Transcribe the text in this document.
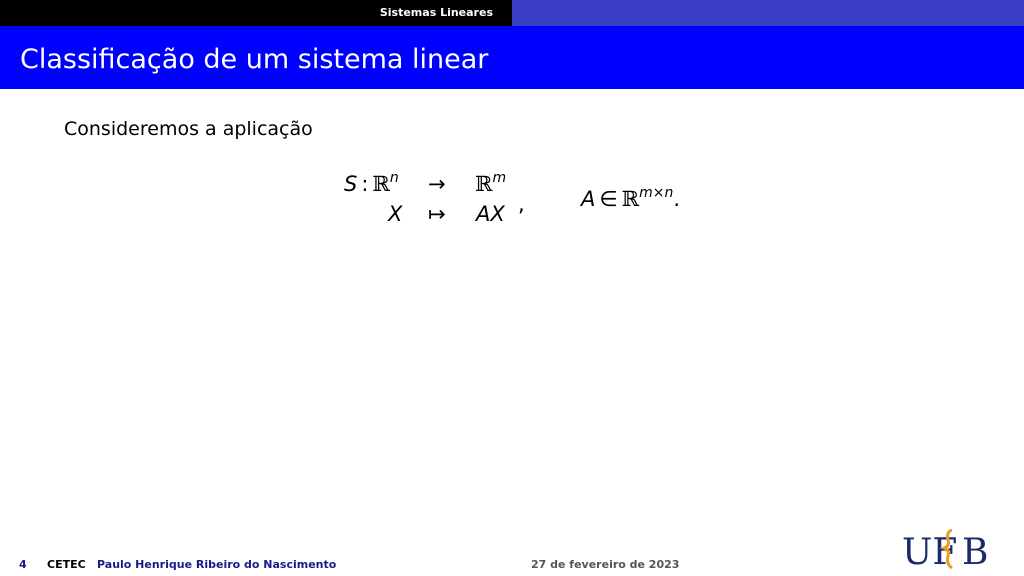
Sistemas Lineares
Classificação de um sistema linear
Consideremos a aplicação
S : ℝ$^n$ → ℝ$^m$
X ↦ AX ,	A ∈ ℝ$^{m\times n}$.
4 CETEC Paulo Henrique Ribeiro do Nascimento	27 de fevereiro de 2023	UF B
